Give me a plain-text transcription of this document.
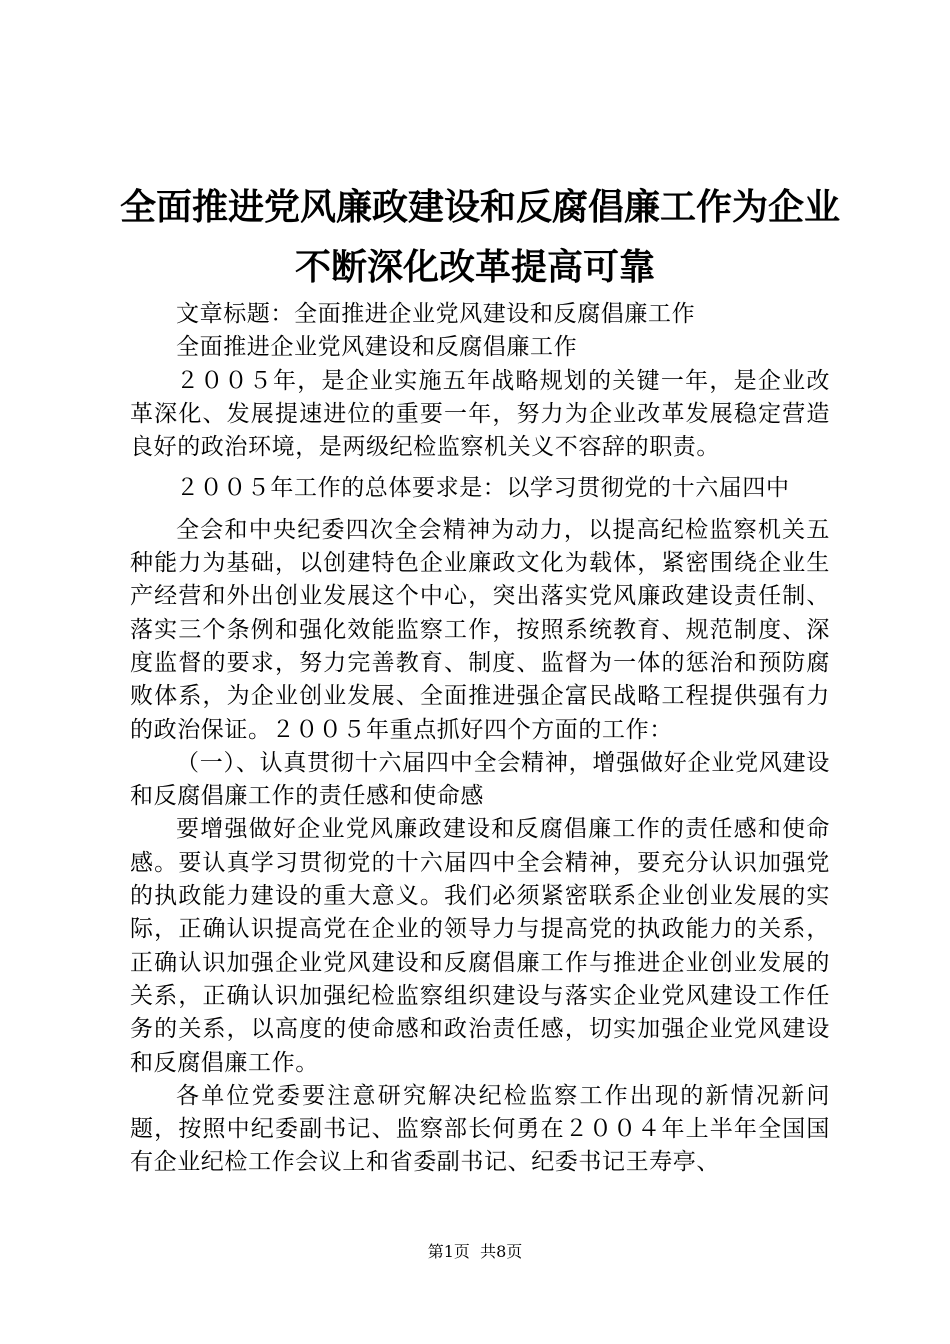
全面推进党风廉政建设和反腐倡廉工作为企业
不断深化改革提高可靠

文章标题：全面推进企业党风建设和反腐倡廉工作

全面推进企业党风建设和反腐倡廉工作

２００５年，是企业实施五年战略规划的关键一年，是企业改革深化、发展提速进位的重要一年，努力为企业改革发展稳定营造良好的政治环境，是两级纪检监察机关义不容辞的职责。

２００５年工作的总体要求是：以学习贯彻党的十六届四中

全会和中央纪委四次全会精神为动力，以提高纪检监察机关五种能力为基础，以创建特色企业廉政文化为载体，紧密围绕企业生产经营和外出创业发展这个中心，突出落实党风廉政建设责任制、落实三个条例和强化效能监察工作，按照系统教育、规范制度、深度监督的要求，努力完善教育、制度、监督为一体的惩治和预防腐败体系，为企业创业发展、全面推进强企富民战略工程提供强有力的政治保证。２００５年重点抓好四个方面的工作：

（一）、认真贯彻十六届四中全会精神，增强做好企业党风建设和反腐倡廉工作的责任感和使命感

要增强做好企业党风廉政建设和反腐倡廉工作的责任感和使命感。要认真学习贯彻党的十六届四中全会精神，要充分认识加强党的执政能力建设的重大意义。我们必须紧密联系企业创业发展的实际，正确认识提高党在企业的领导力与提高党的执政能力的关系，正确认识加强企业党风建设和反腐倡廉工作与推进企业创业发展的关系，正确认识加强纪检监察组织建设与落实企业党风建设工作任务的关系，以高度的使命感和政治责任感，切实加强企业党风建设和反腐倡廉工作。

各单位党委要注意研究解决纪检监察工作出现的新情况新问题，按照中纪委副书记、监察部长何勇在２００４年上半年全国国有企业纪检工作会议上和省委副书记、纪委书记王寿亭、

第1页 共8页
